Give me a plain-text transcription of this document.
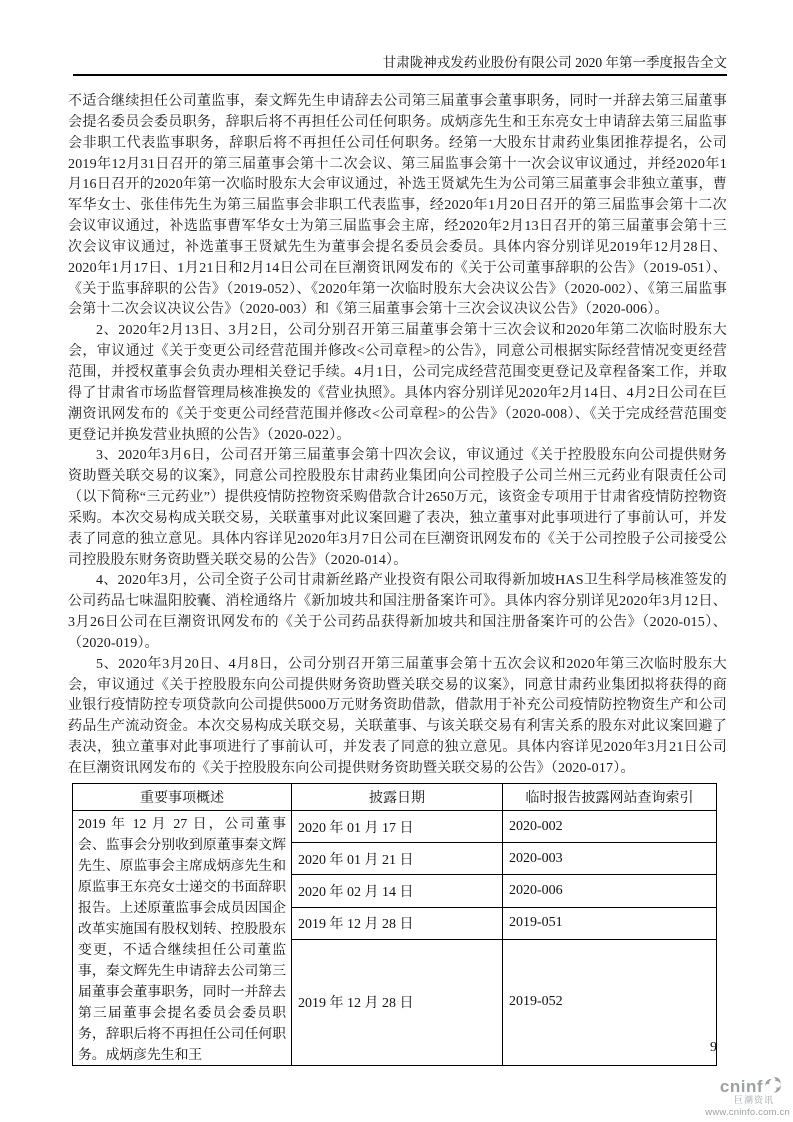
甘肃陇神戎发药业股份有限公司 2020 年第一季度报告全文

不适合继续担任公司董监事，秦文辉先生申请辞去公司第三届董事会董事职务，同时一并辞去第三届董事会提名委员会委员职务，辞职后将不再担任公司任何职务。成炳彦先生和王东亮女士申请辞去第三届监事会非职工代表监事职务，辞职后将不再担任公司任何职务。经第一大股东甘肃药业集团推荐提名，公司2019年12月31日召开的第三届董事会第十二次会议、第三届监事会第十一次会议审议通过，并经2020年1月16日召开的2020年第一次临时股东大会审议通过，补选王贤斌先生为公司第三届董事会非独立董事，曹军华女士、张佳伟先生为第三届监事会非职工代表监事，经2020年1月20日召开的第三届监事会第十二次会议审议通过，补选监事曹军华女士为第三届监事会主席，经2020年2月13日召开的第三届董事会第十三次会议审议通过，补选董事王贤斌先生为董事会提名委员会委员。具体内容分别详见2019年12月28日、2020年1月17日、1月21日和2月14日公司在巨潮资讯网发布的《关于公司董事辞职的公告》（2019-051）、《关于监事辞职的公告》（2019-052）、《2020年第一次临时股东大会决议公告》（2020-002）、《第三届监事会第十二次会议决议公告》（2020-003）和《第三届董事会第十三次会议决议公告》（2020-006）。

2、2020年2月13日、3月2日，公司分别召开第三届董事会第十三次会议和2020年第二次临时股东大会，审议通过《关于变更公司经营范围并修改<公司章程>的公告》，同意公司根据实际经营情况变更经营范围，并授权董事会负责办理相关登记手续。4月1日，公司完成经营范围变更登记及章程备案工作，并取得了甘肃省市场监督管理局核准换发的《营业执照》。具体内容分别详见2020年2月14日、4月2日公司在巨潮资讯网发布的《关于变更公司经营范围并修改<公司章程>的公告》（2020-008）、《关于完成经营范围变更登记并换发营业执照的公告》（2020-022）。

3、2020年3月6日，公司召开第三届董事会第十四次会议，审议通过《关于控股股东向公司提供财务资助暨关联交易的议案》，同意公司控股股东甘肃药业集团向公司控股子公司兰州三元药业有限责任公司（以下简称“三元药业”）提供疫情防控物资采购借款合计2650万元，该资金专项用于甘肃省疫情防控物资采购。本次交易构成关联交易，关联董事对此议案回避了表决，独立董事对此事项进行了事前认可，并发表了同意的独立意见。具体内容详见2020年3月7日公司在巨潮资讯网发布的《关于公司控股子公司接受公司控股股东财务资助暨关联交易的公告》（2020-014）。

4、2020年3月，公司全资子公司甘肃新丝路产业投资有限公司取得新加坡HAS卫生科学局核准签发的公司药品七味温阳胶囊、消栓通络片《新加坡共和国注册备案许可》。具体内容分别详见2020年3月12日、3月26日公司在巨潮资讯网发布的《关于公司药品获得新加坡共和国注册备案许可的公告》（2020-015）、（2020-019）。

5、2020年3月20日、4月8日，公司分别召开第三届董事会第十五次会议和2020年第三次临时股东大会，审议通过《关于控股股东向公司提供财务资助暨关联交易的议案》，同意甘肃药业集团拟将获得的商业银行疫情防控专项贷款向公司提供5000万元财务资助借款，借款用于补充公司疫情防控物资生产和公司药品生产流动资金。本次交易构成关联交易，关联董事、与该关联交易有利害关系的股东对此议案回避了表决，独立董事对此事项进行了事前认可，并发表了同意的独立意见。具体内容详见2020年3月21日公司在巨潮资讯网发布的《关于控股股东向公司提供财务资助暨关联交易的公告》（2020-017）。

重要事项概述	披露日期	临时报告披露网站查询索引
2019 年 12 月 27 日，公司董事会、监事会分别收到原董事秦文辉先生、原监事会主席成炳彦先生和原监事王东亮女士递交的书面辞职报告。上述原董监事会成员因国企改革实施国有股权划转、控股股东变更，不适合继续担任公司董监事，秦文辉先生申请辞去公司第三届董事会董事职务，同时一并辞去第三届董事会提名委员会委员职务，辞职后将不再担任公司任何职务。成炳彦先生和王	2020 年 01 月 17 日	2020-002
	2020 年 01 月 21 日	2020-003
	2020 年 02 月 14 日	2020-006
	2019 年 12 月 28 日	2019-051
	2019 年 12 月 28 日	2019-052
9
cninf
巨潮资讯
www.cninfo.com.cn
